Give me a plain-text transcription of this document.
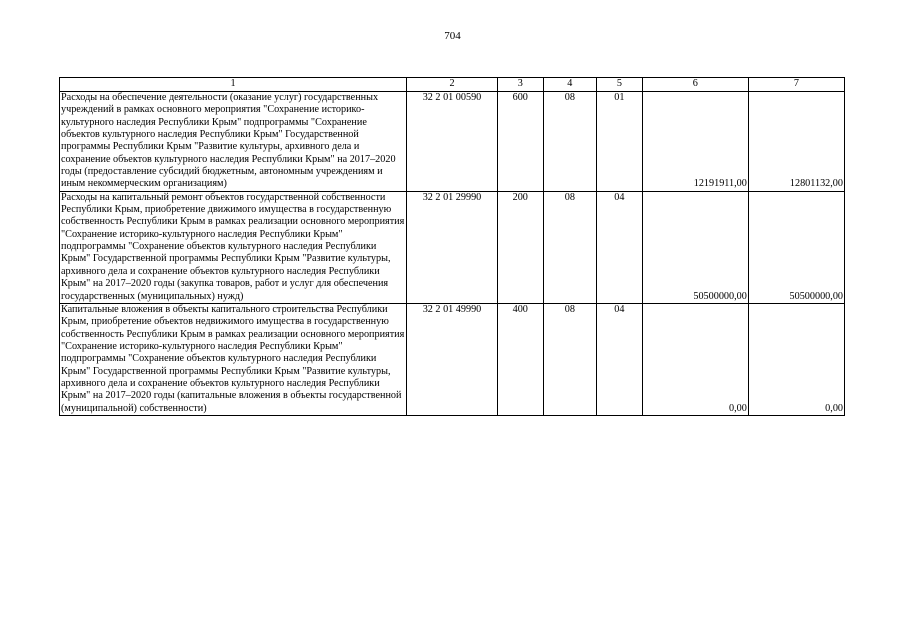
704
1	2	3	4	5	6	7
Расходы на обеспечение деятельности (оказание услуг) государственных учреждений в рамках основного мероприятия "Сохранение историко-культурного наследия Республики Крым" подпрограммы "Сохранение объектов культурного наследия Республики Крым" Государственной программы Республики Крым "Развитие культуры, архивного дела и сохранение объектов культурного наследия Республики Крым" на 2017–2020 годы (предоставление субсидий бюджетным, автономным учреждениям и иным некоммерческим организациям)	32 2 01 00590	600	08	01	12191911,00	12801132,00
Расходы на капитальный ремонт объектов государственной собственности Республики Крым, приобретение движимого имущества в государственную собственность Республики Крым в рамках реализации основного мероприятия "Сохранение историко-культурного наследия Республики Крым" подпрограммы "Сохранение объектов культурного наследия Республики Крым" Государственной программы Республики Крым "Развитие культуры, архивного дела и сохранение объектов культурного наследия Республики Крым" на 2017–2020 годы (закупка товаров, работ и услуг для обеспечения государственных (муниципальных) нужд)	32 2 01 29990	200	08	04	50500000,00	50500000,00
Капитальные вложения в объекты капитального строительства Республики Крым, приобретение объектов недвижимого имущества в государственную собственность Республики Крым в рамках реализации основного мероприятия "Сохранение историко-культурного наследия Республики Крым" подпрограммы "Сохранение объектов культурного наследия Республики Крым" Государственной программы Республики Крым "Развитие культуры, архивного дела и сохранение объектов культурного наследия Республики Крым" на 2017–2020 годы (капитальные вложения в объекты государственной (муниципальной) собственности)	32 2 01 49990	400	08	04	0,00	0,00
